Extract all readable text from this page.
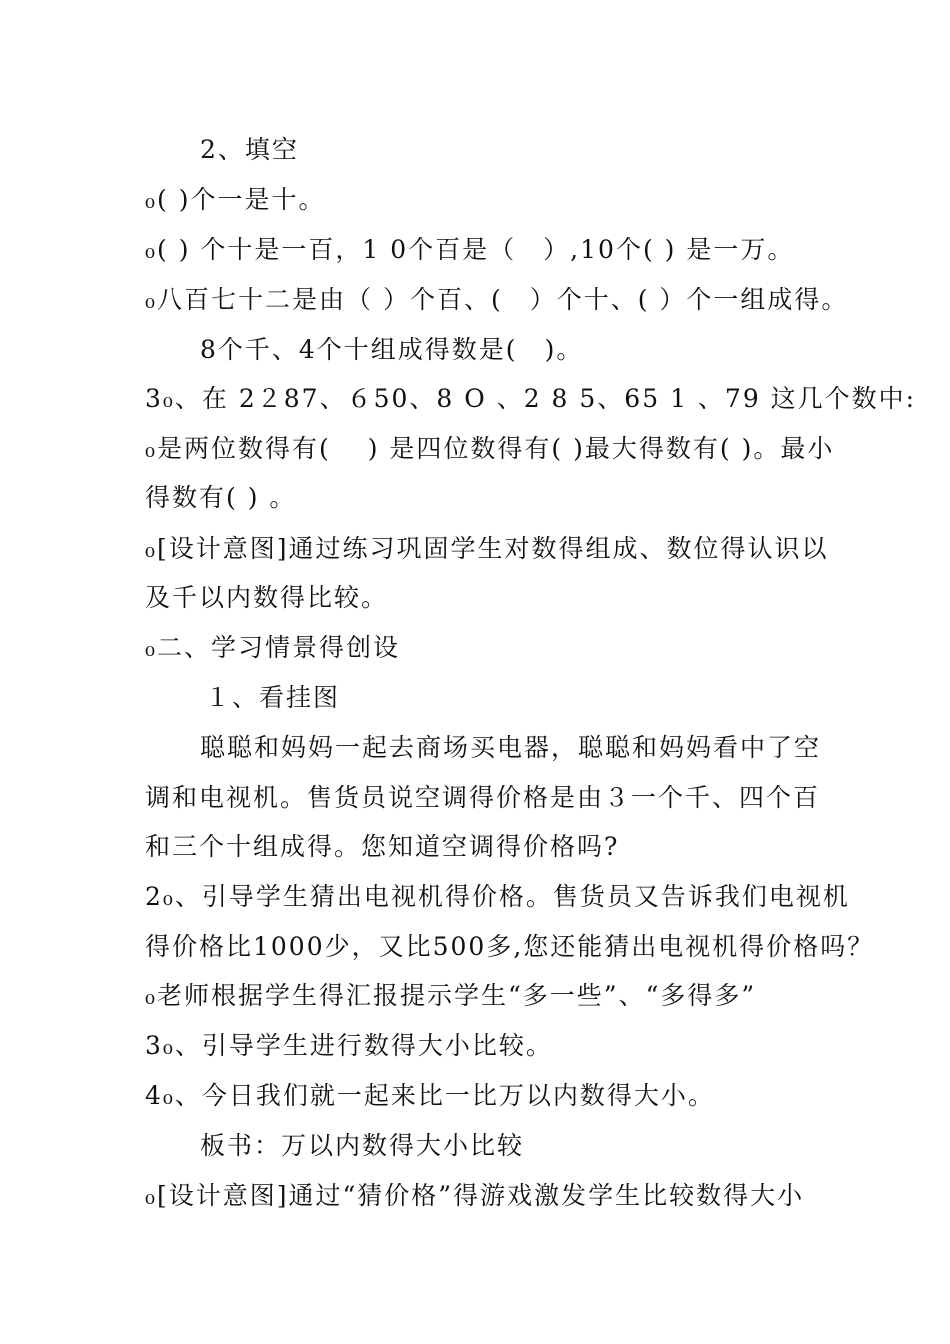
2、填空
₀( )个一是十。
₀( ) 个十是一百，1 0个百是（　）,10个( ) 是一万。
₀八百七十二是由（ ）个百、(　）个十、( ）个一组成得。
8个千、4个十组成得数是(　)。
3₀、在 2２87、６50、8 O 、2 8 5、65 1 、79 这几个数中:
₀是两位数得有(　 ) 是四位数得有( )最大得数有( )。最小
得数有( ) 。
₀[设计意图]通过练习巩固学生对数得组成、数位得认识以
及千以内数得比较。
₀二、学习情景得创设
１、看挂图
聪聪和妈妈一起去商场买电器，聪聪和妈妈看中了空
调和电视机。售货员说空调得价格是由３一个千、四个百
和三个十组成得。您知道空调得价格吗?
2₀、引导学生猜出电视机得价格。售货员又告诉我们电视机
得价格比1000少，又比500多,您还能猜出电视机得价格吗？
₀老师根据学生得汇报提示学生“多一些”、“多得多”
3₀、引导学生进行数得大小比较。
4₀、今日我们就一起来比一比万以内数得大小。
板书：万以内数得大小比较
₀[设计意图]通过“猜价格”得游戏激发学生比较数得大小
